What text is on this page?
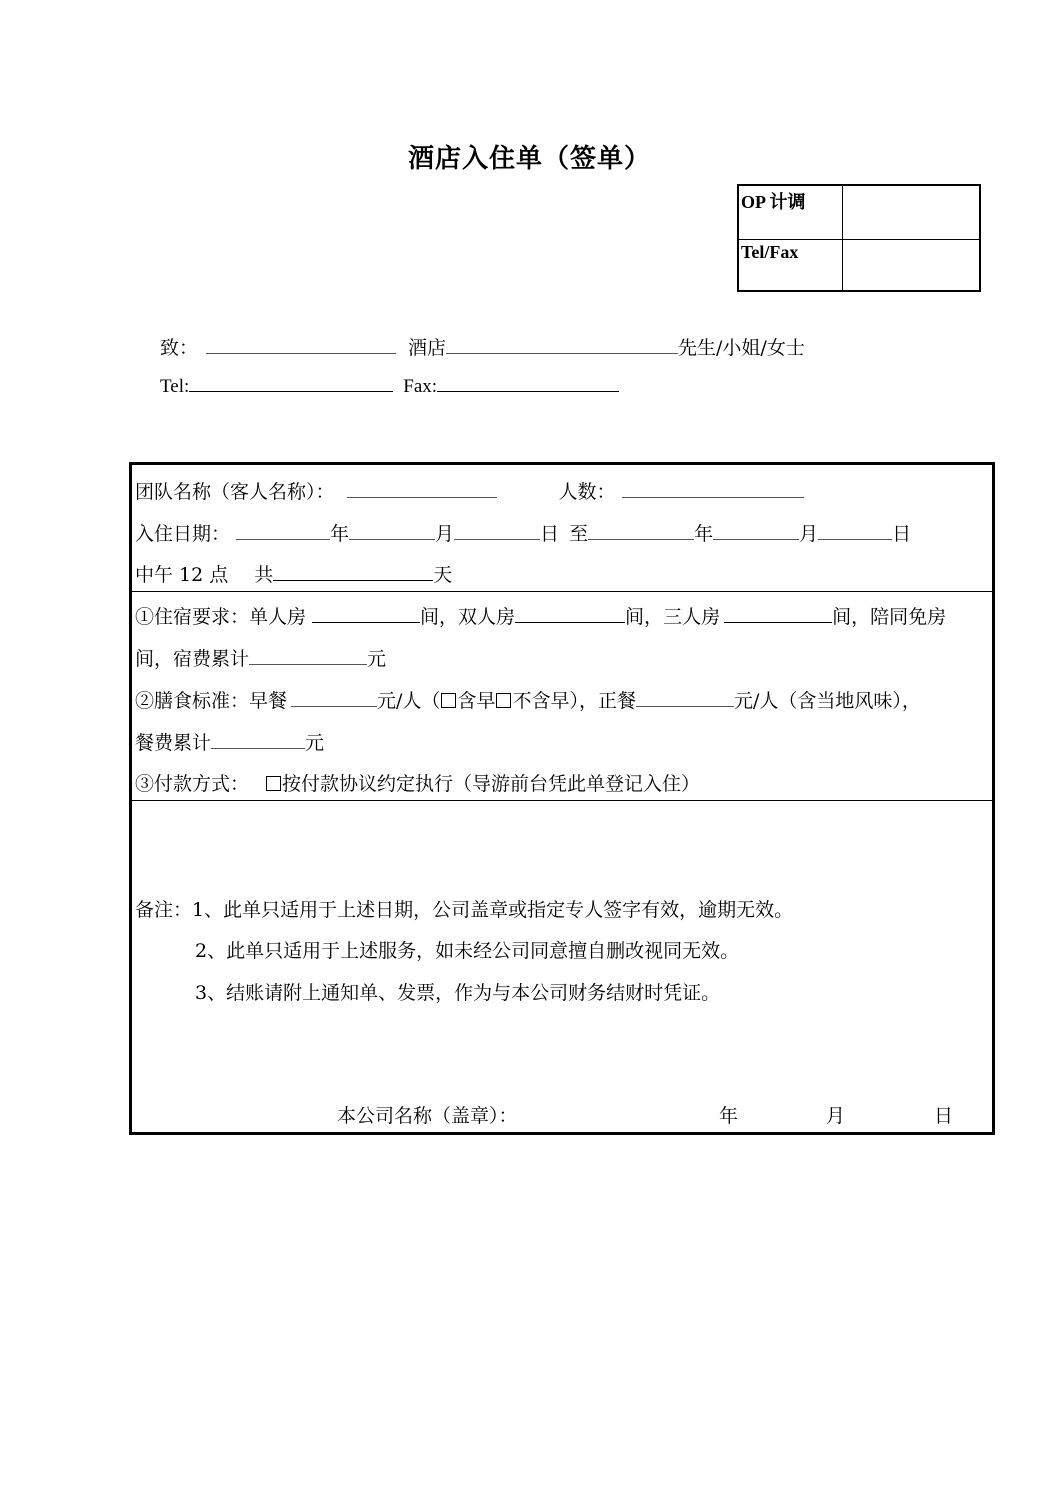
酒店入住单（签单）
OP 计调
Tel/Fax
致：	酒店	先生/小姐/女士
Tel:	Fax:
团队名称（客人名称）：	人数：
入住日期：	年	月	日 至	年	月	日
中午 12 点 共	天
①住宿要求：单人房	间，双人房	间，三人房	间，陪同免房
间，宿费累计	元
②膳食标准：早餐	元/人（ 含早 不含早），正餐	元/人（含当地风味），
餐费累计	元
③付款方式： 按付款协议约定执行（导游前台凭此单登记入住）
备注：1、此单只适用于上述日期，公司盖章或指定专人签字有效，逾期无效。
2、此单只适用于上述服务，如未经公司同意擅自删改视同无效。
3、结账请附上通知单、发票，作为与本公司财务结财时凭证。
本公司名称（盖章）：	年	月	日
